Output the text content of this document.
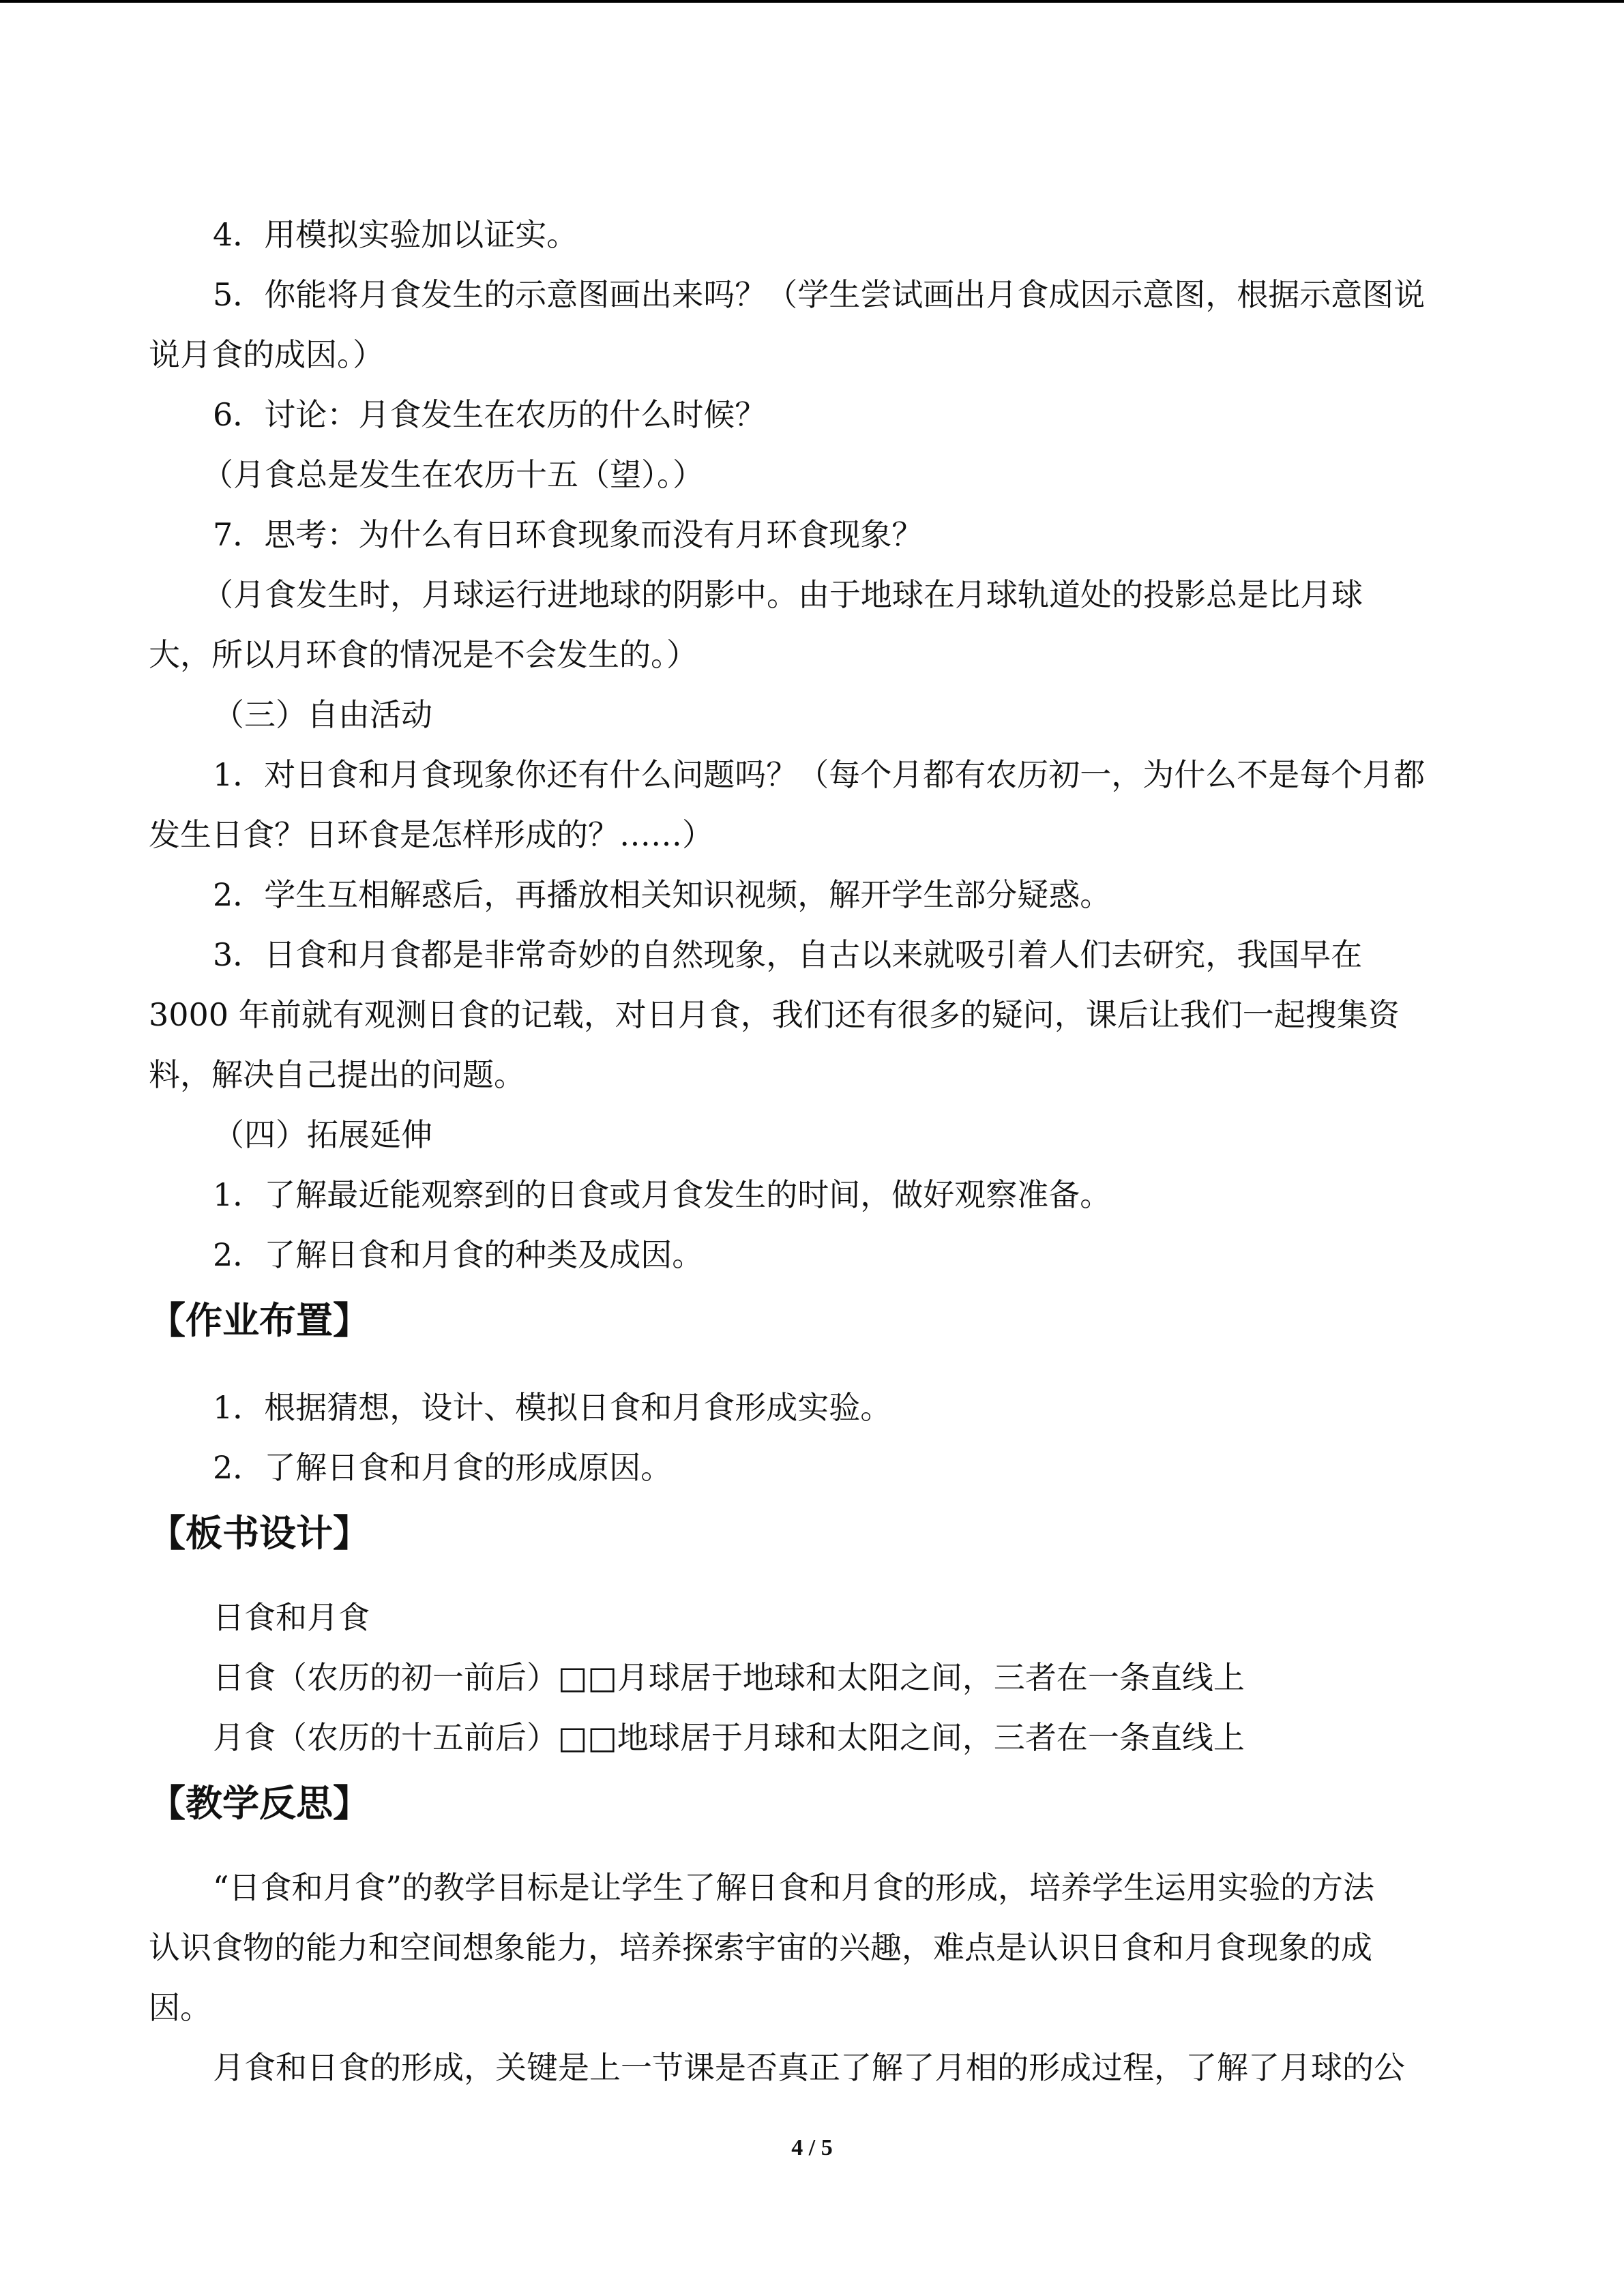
4．用模拟实验加以证实。
5．你能将月食发生的示意图画出来吗？（学生尝试画出月食成因示意图，根据示意图说
说月食的成因。）
6．讨论：月食发生在农历的什么时候？
（月食总是发生在农历十五（望）。）
7．思考：为什么有日环食现象而没有月环食现象？
（月食发生时，月球运行进地球的阴影中。由于地球在月球轨道处的投影总是比月球
大，所以月环食的情况是不会发生的。）
（三）自由活动
1．对日食和月食现象你还有什么问题吗？（每个月都有农历初一，为什么不是每个月都
发生日食？日环食是怎样形成的？……）
2．学生互相解惑后，再播放相关知识视频，解开学生部分疑惑。
3．日食和月食都是非常奇妙的自然现象，自古以来就吸引着人们去研究，我国早在
3000 年前就有观测日食的记载，对日月食，我们还有很多的疑问，课后让我们一起搜集资
料，解决自己提出的问题。
（四）拓展延伸
1．了解最近能观察到的日食或月食发生的时间，做好观察准备。
2．了解日食和月食的种类及成因。
【作业布置】
1．根据猜想，设计、模拟日食和月食形成实验。
2．了解日食和月食的形成原因。
【板书设计】
日食和月食
日食（农历的初一前后）□□月球居于地球和太阳之间，三者在一条直线上
月食（农历的十五前后）□□地球居于月球和太阳之间，三者在一条直线上
【教学反思】
“日食和月食”的教学目标是让学生了解日食和月食的形成，培养学生运用实验的方法
认识食物的能力和空间想象能力，培养探索宇宙的兴趣，难点是认识日食和月食现象的成
因。
月食和日食的形成，关键是上一节课是否真正了解了月相的形成过程，了解了月球的公
4 / 5
